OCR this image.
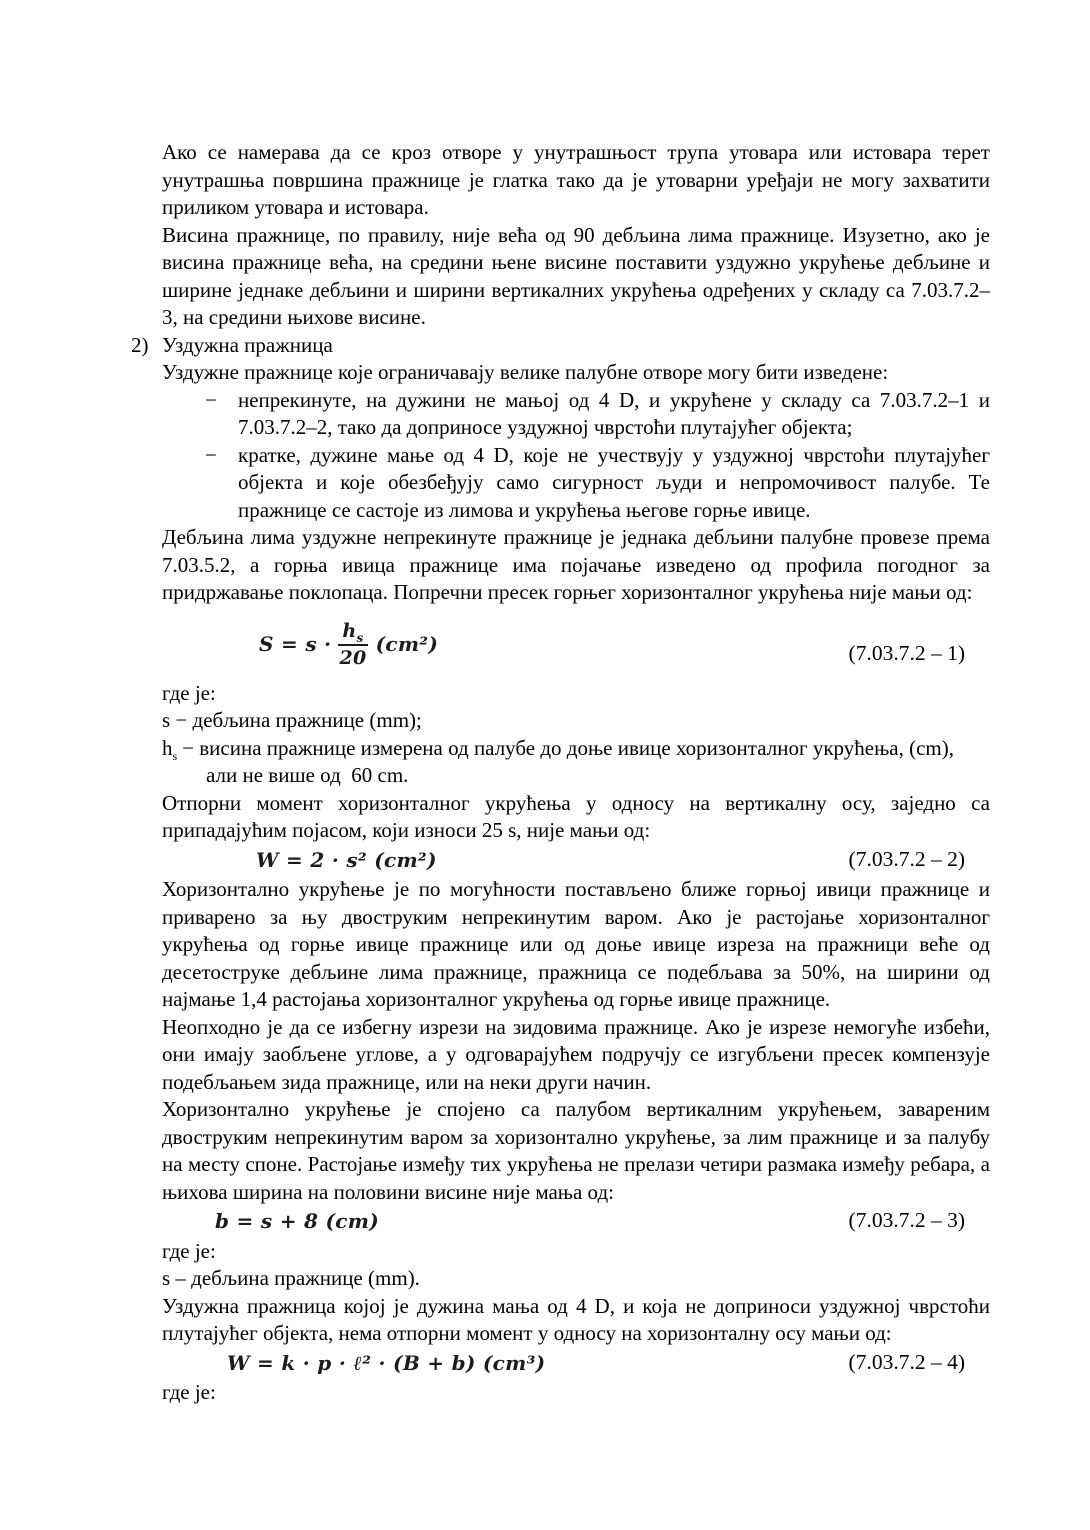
Ако се намерава да се кроз отворе у унутрашњост трупа утовара или истовара терет унутрашња површина пражнице је глатка тако да је утоварни уређаји не могу захватити приликом утовара и истовара.

Висина пражнице, по правилу, није већа од 90 дебљина лима пражнице. Изузетно, ако је висина пражнице већа, на средини њене висине поставити уздужно укрућење дебљине и ширине једнаке дебљини и ширини вертикалних укрућења одређених у складу са 7.03.7.2–3, на средини њихове висине.

2) Уздужна пражница

Уздужне пражнице које ограничавају велике палубне отворе могу бити изведене:

−	непрекинуте, на дужини не мањој од 4 D, и укрућене у складу са 7.03.7.2–1 и 7.03.7.2–2, тако да доприносе уздужној чврстоћи плутајућег објекта;
−	кратке, дужине мање од 4 D, које не учествују у уздужној чврстоћи плутајућег објекта и које обезбеђују само сигурност људи и непромочивост палубе. Те пражнице се састоје из лимова и укрућења његове горње ивице.

Дебљина лима уздужне непрекинуте пражнице је једнака дебљини палубне провезе према 7.03.5.2, а горња ивица пражнице има појачање изведено од профила погодног за придржавање поклопаца. Попречни пресек горњег хоризонталног укрућења није мањи од:

$S = s \cdot \frac{h_s}{20} (cm^2)$	(7.03.7.2 – 1)

где је:

s − дебљина пражнице (mm);

$h_s$ − висина пражнице измерена од палубе до доње ивице хоризонталног укрућења, (cm), али не више од  60 cm.

Отпорни момент хоризонталног укрућења у односу на вертикалну осу, заједно са припадајућим појасом, који износи 25 s, није мањи од:

W = 2 · s² (cm²)	(7.03.7.2 – 2)

Хоризонтално укрућење је по могућности постављено ближе горњој ивици пражнице и приварено за њу двоструким непрекинутим варом. Ако је растојање хоризонталног укрућења од горње ивице пражнице или од доње ивице изреза на пражници веће од десетоструке дебљине лима пражнице, пражница се подебљава за 50%, на ширини од најмање 1,4 растојања хоризонталног укрућења од горње ивице пражнице.

Неопходно је да се избегну изрези на зидовима пражнице. Ако је изрезе немогуће избећи, они имају заобљене углове, а у одговарајућем подручју се изгубљени пресек компензује подебљањем зида пражнице, или на неки други начин.

Хоризонтално укрућење је спојено са палубом вертикалним укрућењем, завареним двоструким непрекинутим варом за хоризонтално укрућење, за лим пражнице и за палубу на месту споне. Растојање између тих укрућења не прелази четири размака између ребара, а њихова ширина на половини висине није мања од:

b = s + 8 (cm)	(7.03.7.2 – 3)

где је:

s – дебљина пражнице (mm).

Уздужна пражница којој је дужина мања од 4 D, и која не доприноси уздужној чврстоћи плутајућег објекта, нема отпорни момент у односу на хоризонталну осу мањи од:

W = k · p · ℓ² · (B + b) (cm³)	(7.03.7.2 – 4)

где је:
